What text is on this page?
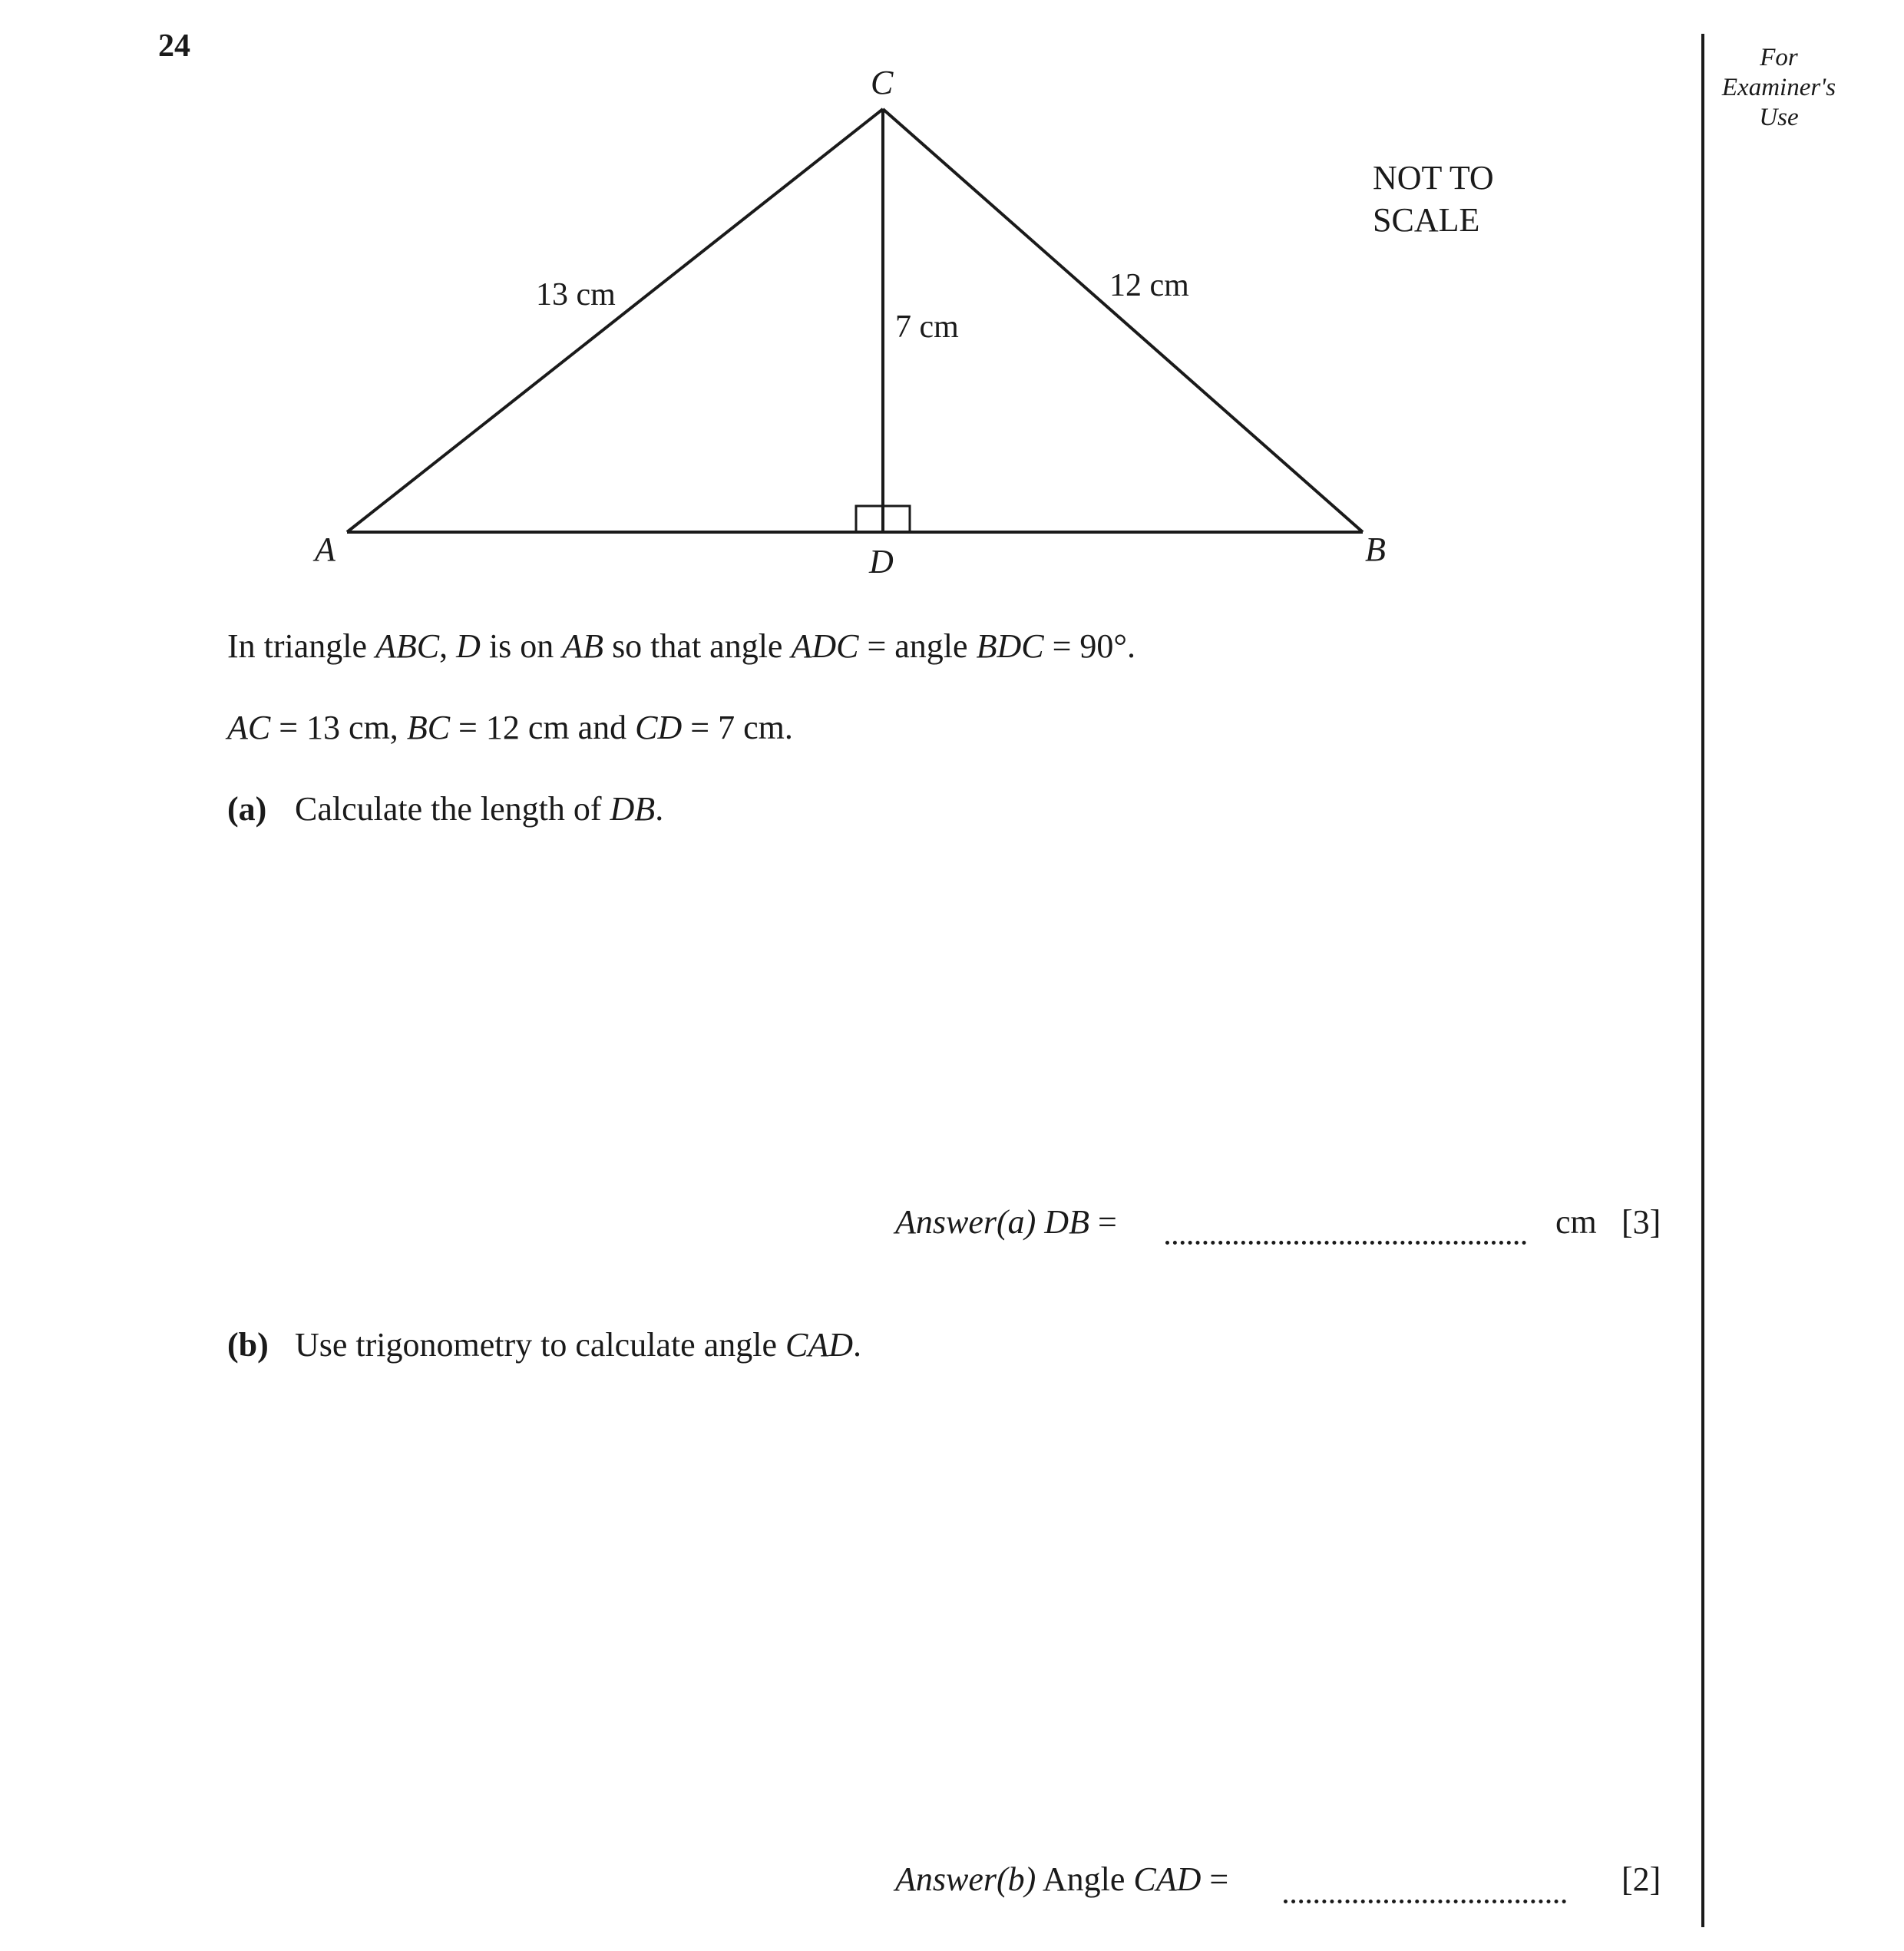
24	For
Examiner's
Use
C
A	D	B
13 cm	12 cm
7 cm
NOT TO
SCALE
In triangle ABC, D is on AB so that angle ADC = angle BDC = 90°.
AC = 13 cm, BC = 12 cm and CD = 7 cm.
(a) Calculate the length of DB.
Answer(a) DB =	cm [3]
(b) Use trigonometry to calculate angle CAD.
Answer(b) Angle CAD =	[2]
